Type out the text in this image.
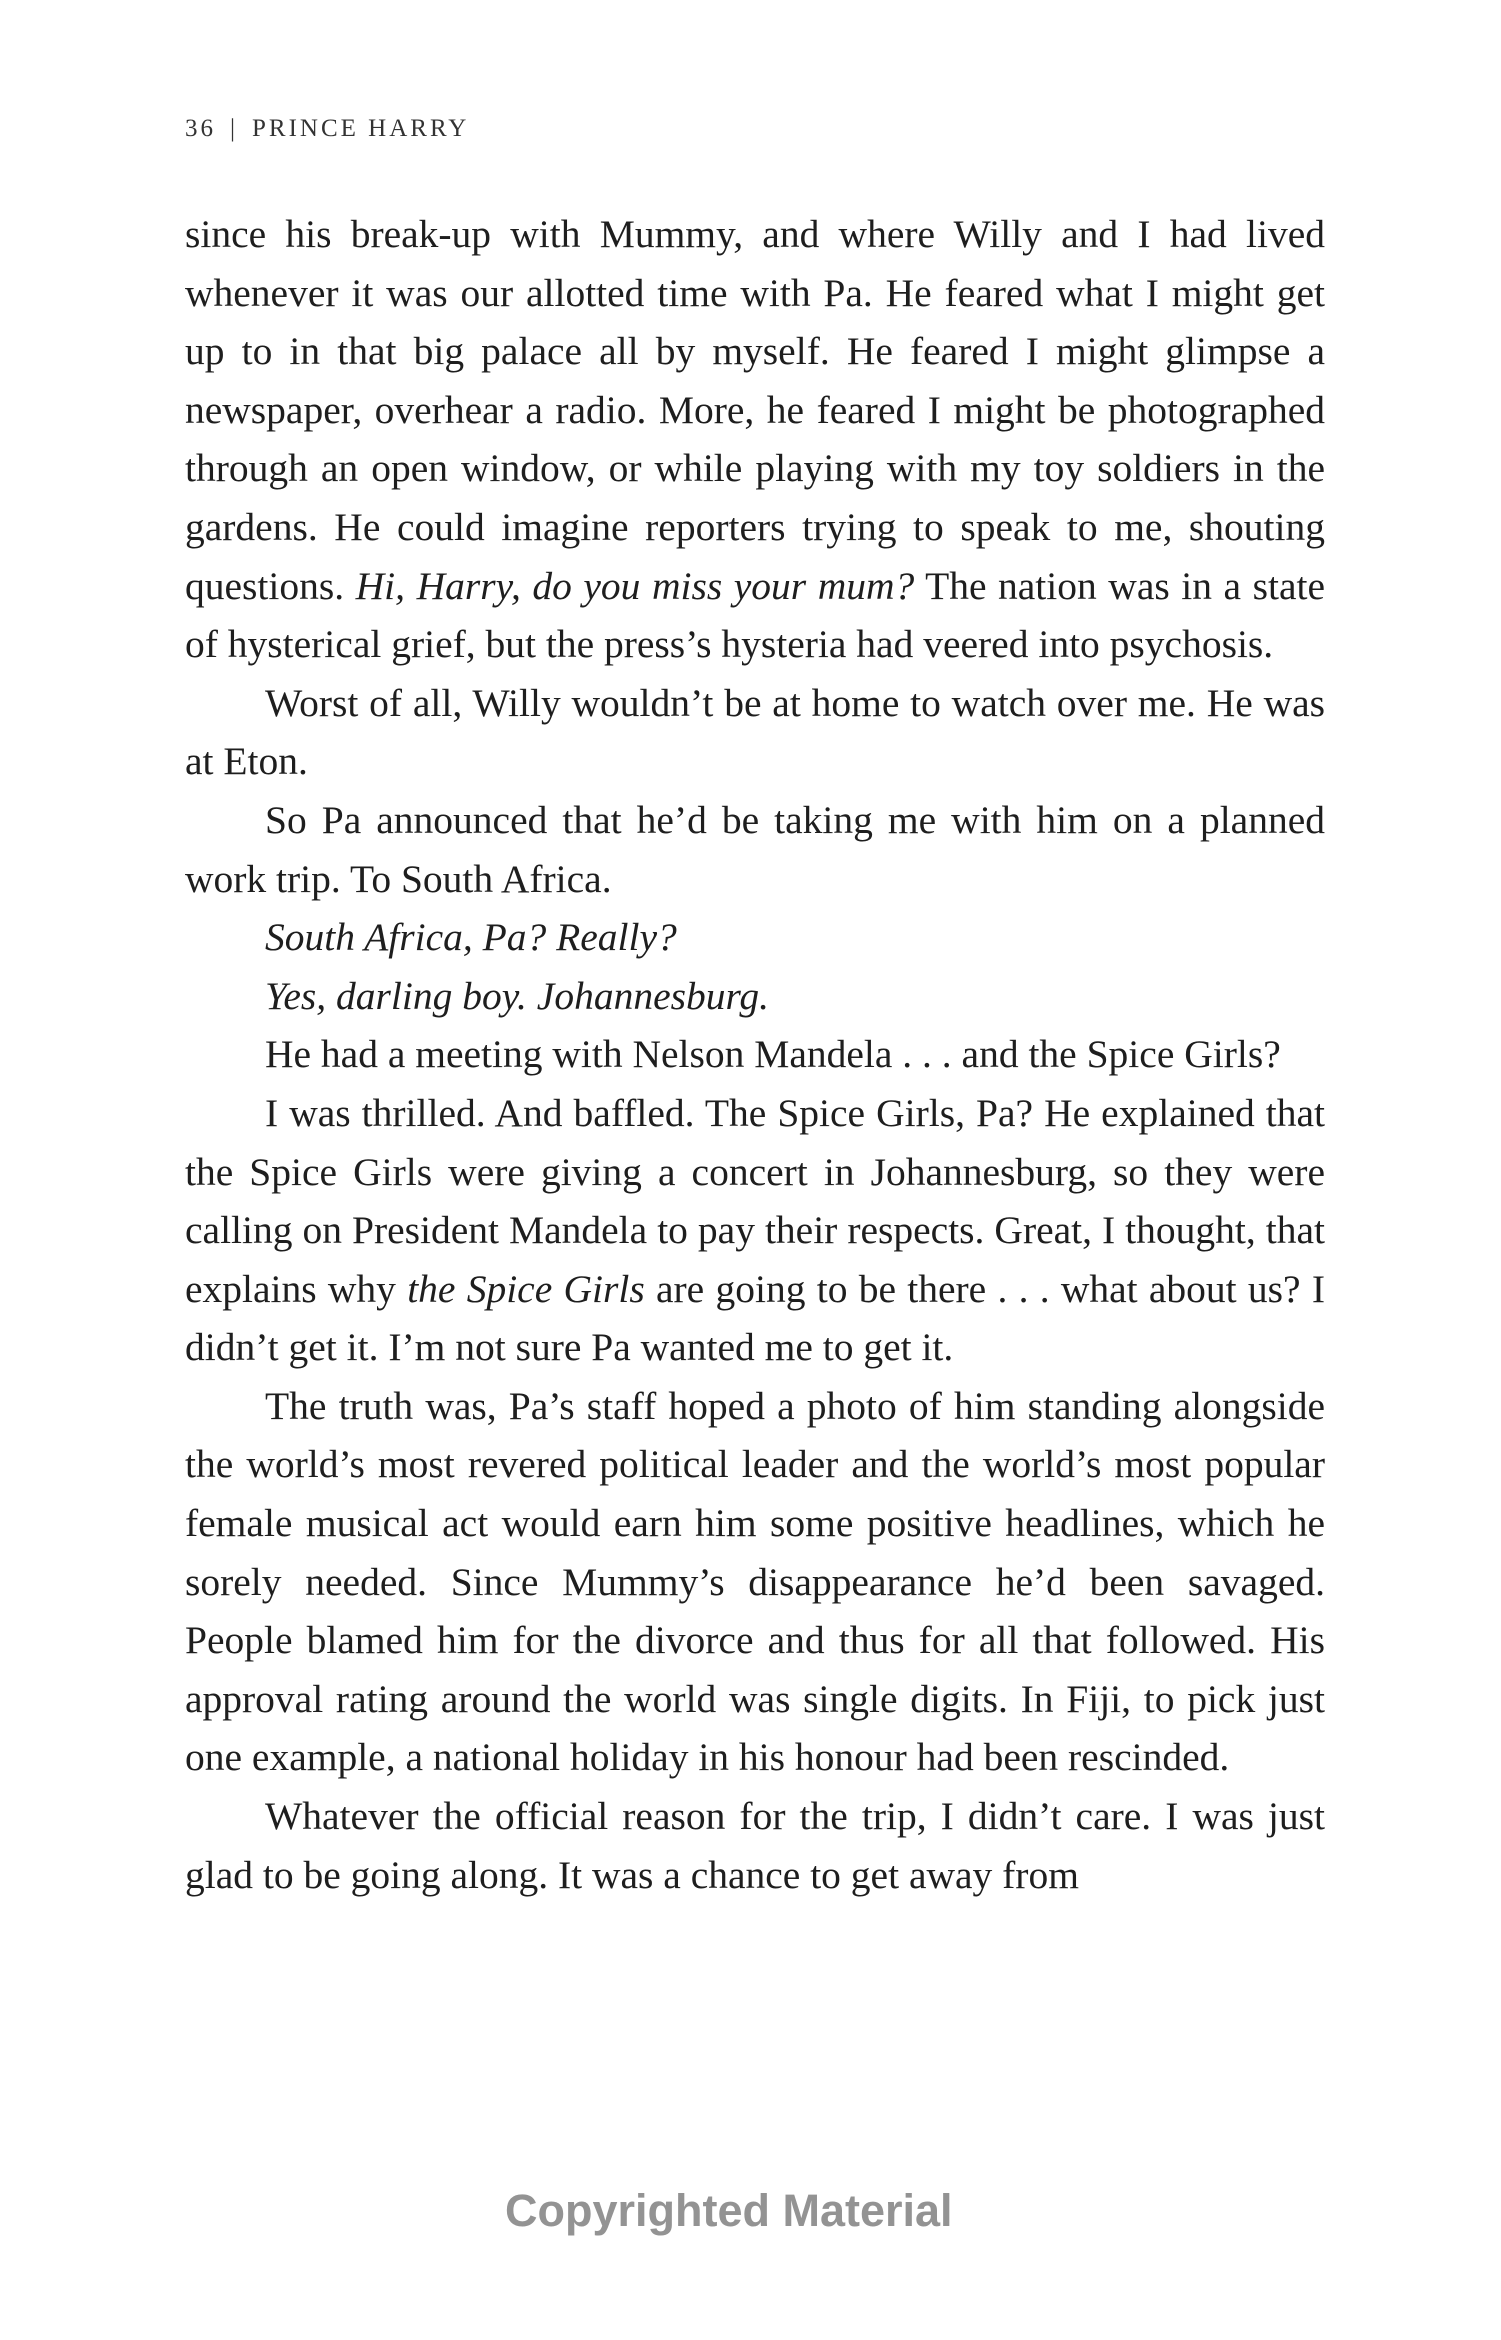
36 | PRINCE HARRY

since his break-up with Mummy, and where Willy and I had lived whenever it was our allotted time with Pa. He feared what I might get up to in that big palace all by myself. He feared I might glimpse a newspaper, overhear a radio. More, he feared I might be photographed through an open window, or while playing with my toy soldiers in the gardens. He could imagine reporters trying to speak to me, shouting questions. Hi, Harry, do you miss your mum? The nation was in a state of hysterical grief, but the press’s hysteria had veered into psychosis.

Worst of all, Willy wouldn’t be at home to watch over me. He was at Eton.

So Pa announced that he’d be taking me with him on a planned work trip. To South Africa.

South Africa, Pa? Really?

Yes, darling boy. Johannesburg.

He had a meeting with Nelson Mandela . . . and the Spice Girls?

I was thrilled. And baffled. The Spice Girls, Pa? He explained that the Spice Girls were giving a concert in Johannesburg, so they were calling on President Mandela to pay their respects. Great, I thought, that explains why the Spice Girls are going to be there . . . what about us? I didn’t get it. I’m not sure Pa wanted me to get it.

The truth was, Pa’s staff hoped a photo of him standing alongside the world’s most revered political leader and the world’s most popular female musical act would earn him some positive headlines, which he sorely needed. Since Mummy’s disappearance he’d been savaged. People blamed him for the divorce and thus for all that followed. His approval rating around the world was single digits. In Fiji, to pick just one example, a national holiday in his honour had been rescinded.

Whatever the official reason for the trip, I didn’t care. I was just glad to be going along. It was a chance to get away from

Copyrighted Material
